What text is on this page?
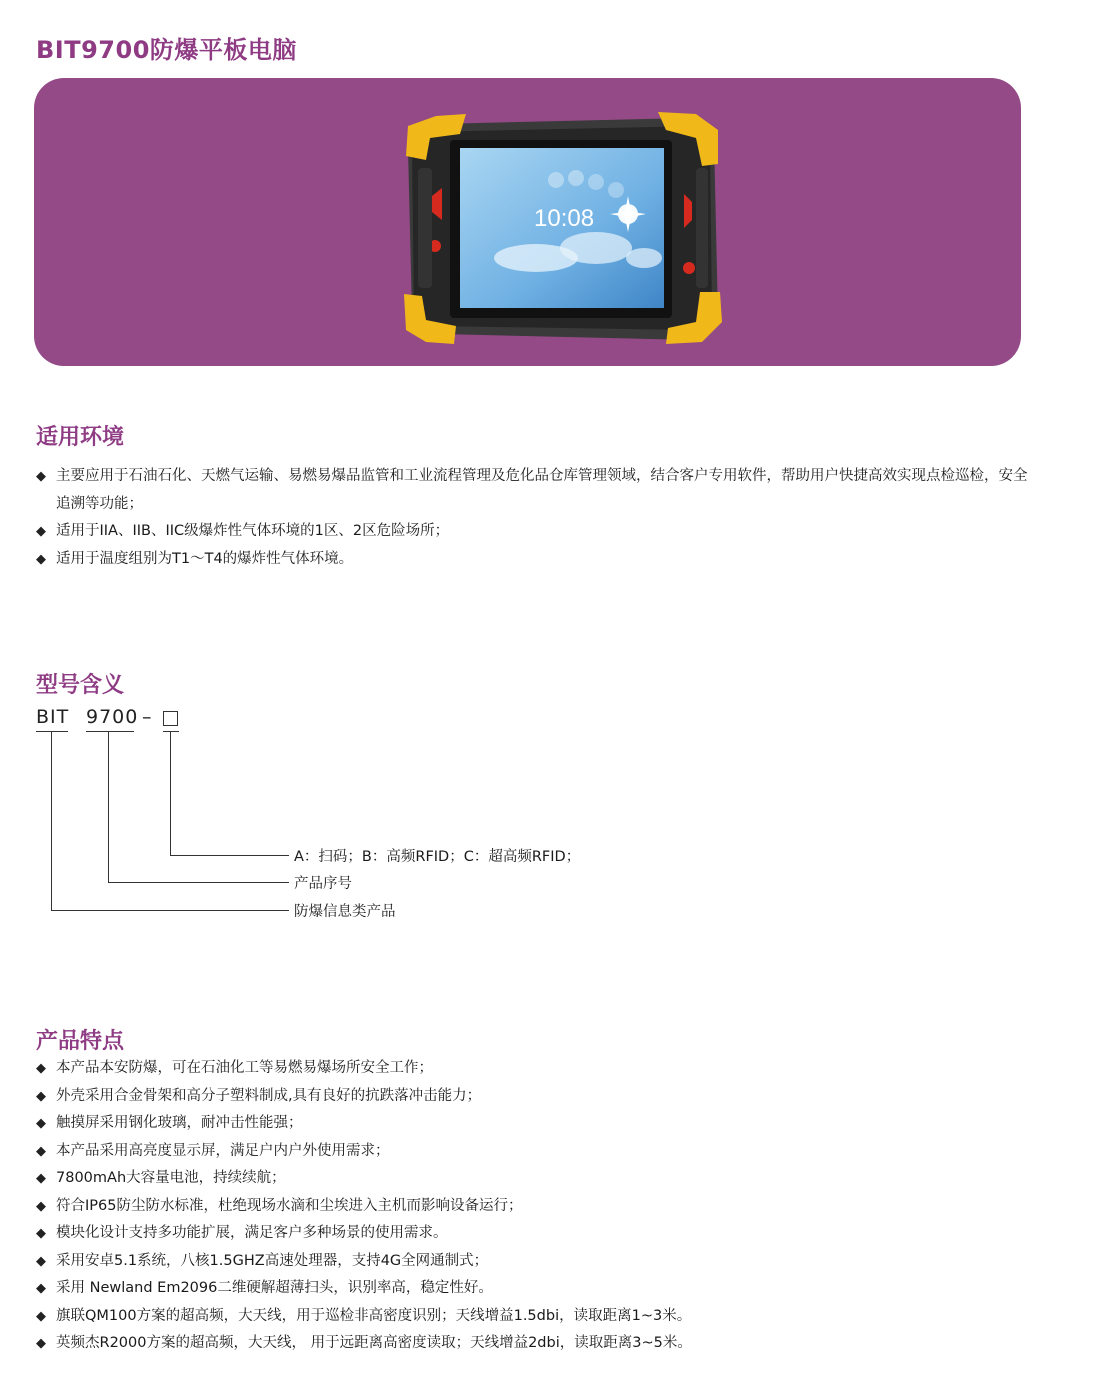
BIT9700防爆平板电脑
10:08
适用环境
◆ 主要应用于石油石化、天燃气运输、易燃易爆品监管和工业流程管理及危化品仓库管理领域，结合客户专用软件，帮助用户快捷高效实现点检巡检，安全追溯等功能；
◆ 适用于IIA、IIB、IIC级爆炸性气体环境的1区、2区危险场所；
◆ 适用于温度组别为T1～T4的爆炸性气体环境。
型号含义
BIT 9700 –
A：扫码；B：高频RFID；C：超高频RFID；
产品序号
防爆信息类产品
产品特点
◆ 本产品本安防爆，可在石油化工等易燃易爆场所安全工作；
◆ 外壳采用合金骨架和高分子塑料制成,具有良好的抗跌落冲击能力；
◆ 触摸屏采用钢化玻璃，耐冲击性能强；
◆ 本产品采用高亮度显示屏，满足户内户外使用需求；
◆ 7800mAh大容量电池，持续续航；
◆ 符合IP65防尘防水标准，杜绝现场水滴和尘埃进入主机而影响设备运行；
◆ 模块化设计支持多功能扩展，满足客户多种场景的使用需求。
◆ 采用安卓5.1系统，八核1.5GHZ高速处理器，支持4G全网通制式；
◆ 采用 Newland Em2096二维硬解超薄扫头，识别率高，稳定性好。
◆ 旗联QM100方案的超高频，大天线，用于巡检非高密度识别；天线增益1.5dbi，读取距离1~3米。
◆ 英频杰R2000方案的超高频，大天线， 用于远距离高密度读取；天线增益2dbi，读取距离3~5米。
